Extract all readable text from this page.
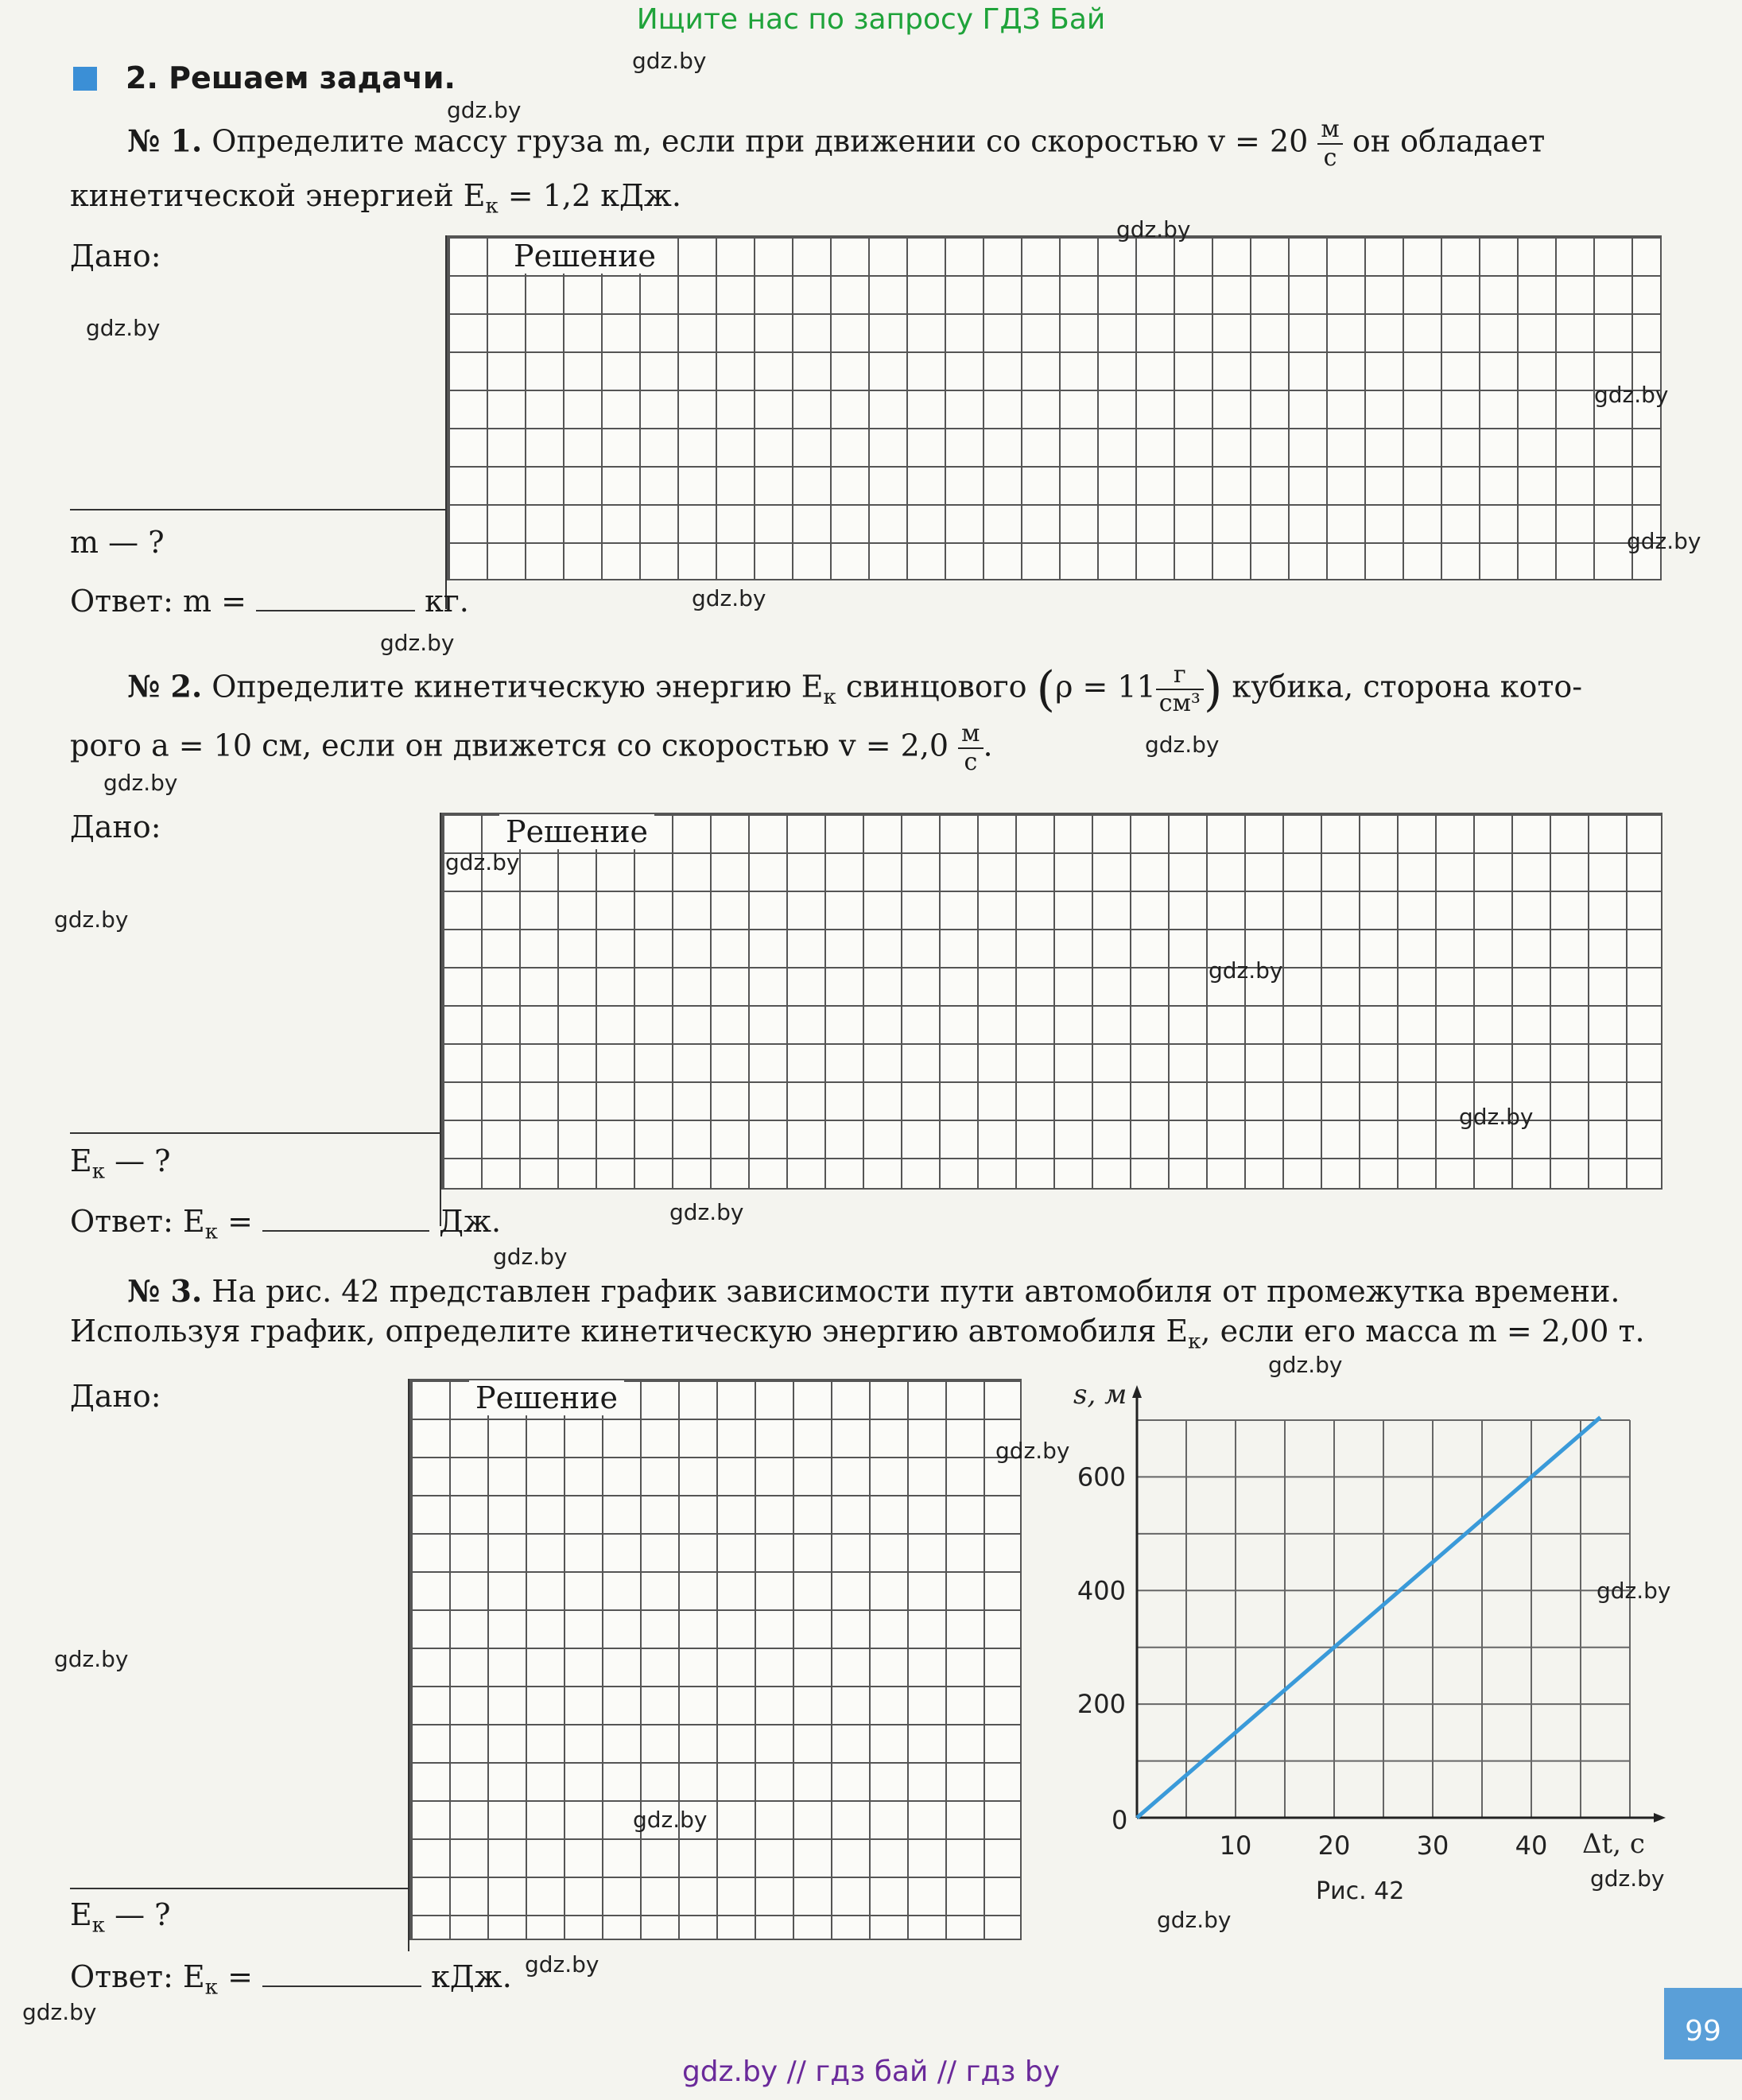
Ищите нас по запросу ГДЗ Бай
gdz.by // гдз бай // гдз by
2. Решаем задачи.
№ 1. Определите массу груза m, если при движении со скоростью $v = 20 \frac{м}{с}$ он обладает
кинетической энергией $E_к = 1,2$ кДж.
Дано:	Решение
m — ?
Ответ: m =	кг.
№ 2. Определите кинетическую энергию $E_к$ свинцового ($\rho = 11 \frac{г}{\text{см³}}$ ) кубика, сторона кото-
рого a = 10 см, если он движется со скоростью $v = 2,0 \frac{м}{с}$ .
Дано:	Решение
$E_к$ — ?
Ответ: $E_к$ =	Дж.
№ 3. На рис. 42 представлен график зависимости пути автомобиля от промежутка времени.
Используя график, определите кинетическую энергию автомобиля $E_к$, если его масса m = 2,00 т.
Дано:	Решение
$E_к$ — ?
Ответ: $E_к$ =	кДж.
10	20	30	40
200
400
600
s, м
Δt, с
0
Рис. 42
99
gdz.by
gdz.by
gdz.by
gdz.by
gdz.by
gdz.by
gdz.by
gdz.by
gdz.by
gdz.by
gdz.by
gdz.by
gdz.by
gdz.by
gdz.by
gdz.by
gdz.by
gdz.by
gdz.by
gdz.by
gdz.by
gdz.by
gdz.by
gdz.by
gdz.by
